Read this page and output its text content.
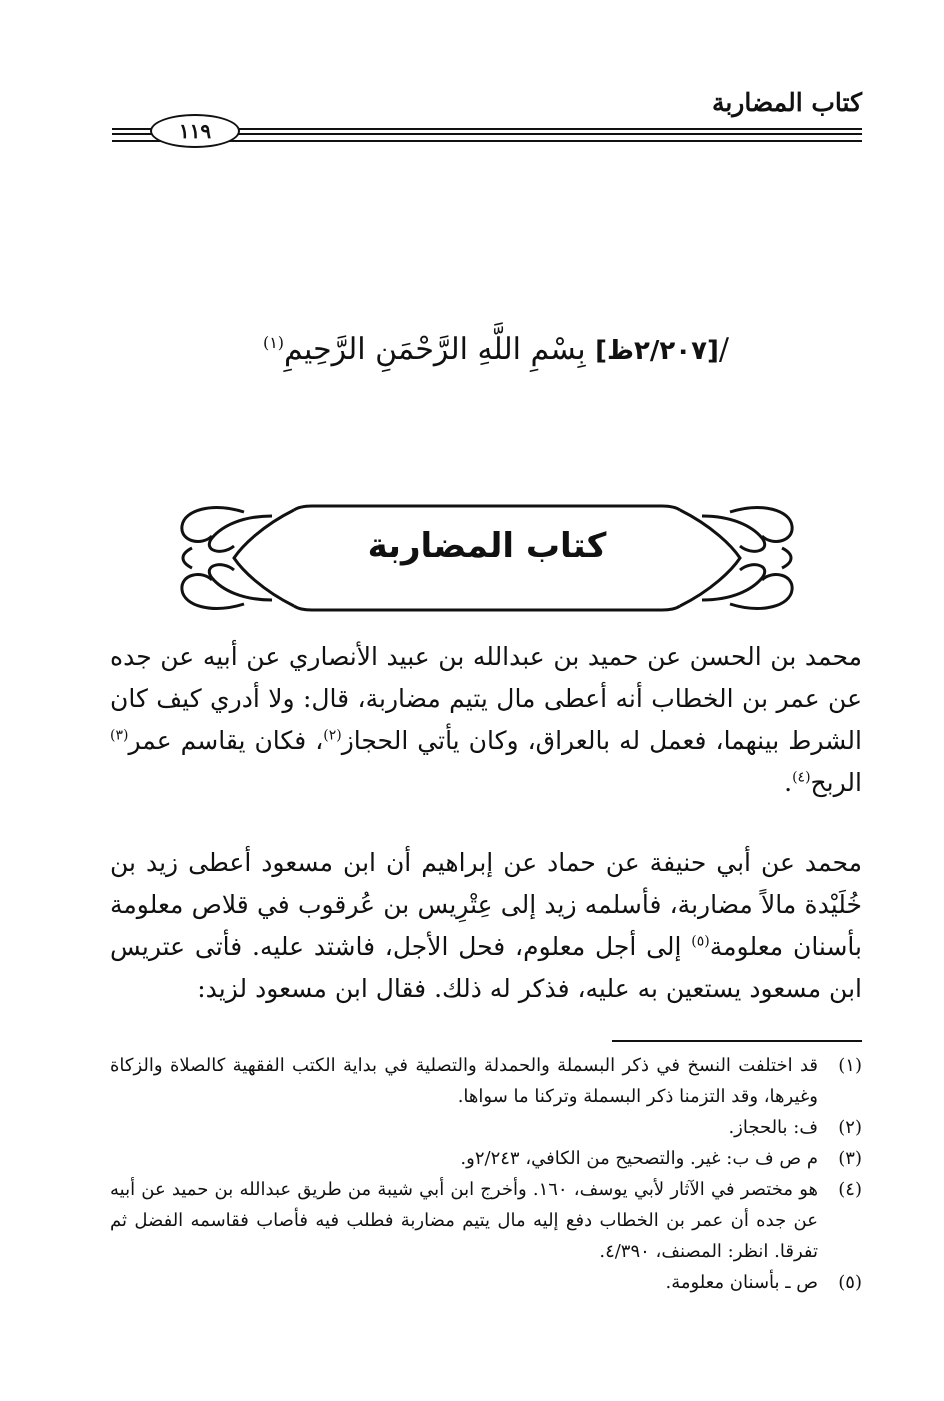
كتاب المضاربة
١١٩
/[٢/٢٠٧ظ] بِسْمِ اللَّهِ الرَّحْمَنِ الرَّحِيمِ$^{(١)}$
كتاب المضاربة
محمد بن الحسن عن حميد بن عبدالله بن عبيد الأنصاري عن أبيه عن جده عن عمر بن الخطاب أنه أعطى مال يتيم مضاربة، قال: ولا أدري كيف كان الشرط بينهما، فعمل له بالعراق، وكان يأتي الحجاز$^{(٢)}$، فكان يقاسم عمر$^{(٣)}$ الربح$^{(٤)}$.
محمد عن أبي حنيفة عن حماد عن إبراهيم أن ابن مسعود أعطى زيد بن خُلَيْدة مالاً مضاربة، فأسلمه زيد إلى عِتْرِيس بن عُرقوب في قلاص معلومة بأسنان معلومة$^{(٥)}$ إلى أجل معلوم، فحل الأجل، فاشتد عليه. فأتى عتريس ابن مسعود يستعين به عليه، فذكر له ذلك. فقال ابن مسعود لزيد:
(١)
قد اختلفت النسخ في ذكر البسملة والحمدلة والتصلية في بداية الكتب الفقهية كالصلاة والزكاة وغيرها، وقد التزمنا ذكر البسملة وتركنا ما سواها.
(٢)
ف: بالحجاز.
(٣)
م ص ف ب: غير. والتصحيح من الكافي، ٢/٢٤٣و.
(٤)
هو مختصر في الآثار لأبي يوسف، ١٦٠. وأخرج ابن أبي شيبة من طريق عبدالله بن حميد عن أبيه عن جده أن عمر بن الخطاب دفع إليه مال يتيم مضاربة فطلب فيه فأصاب فقاسمه الفضل ثم تفرقا. انظر: المصنف، ٤/٣٩٠.
(٥)
ص ـ بأسنان معلومة.
